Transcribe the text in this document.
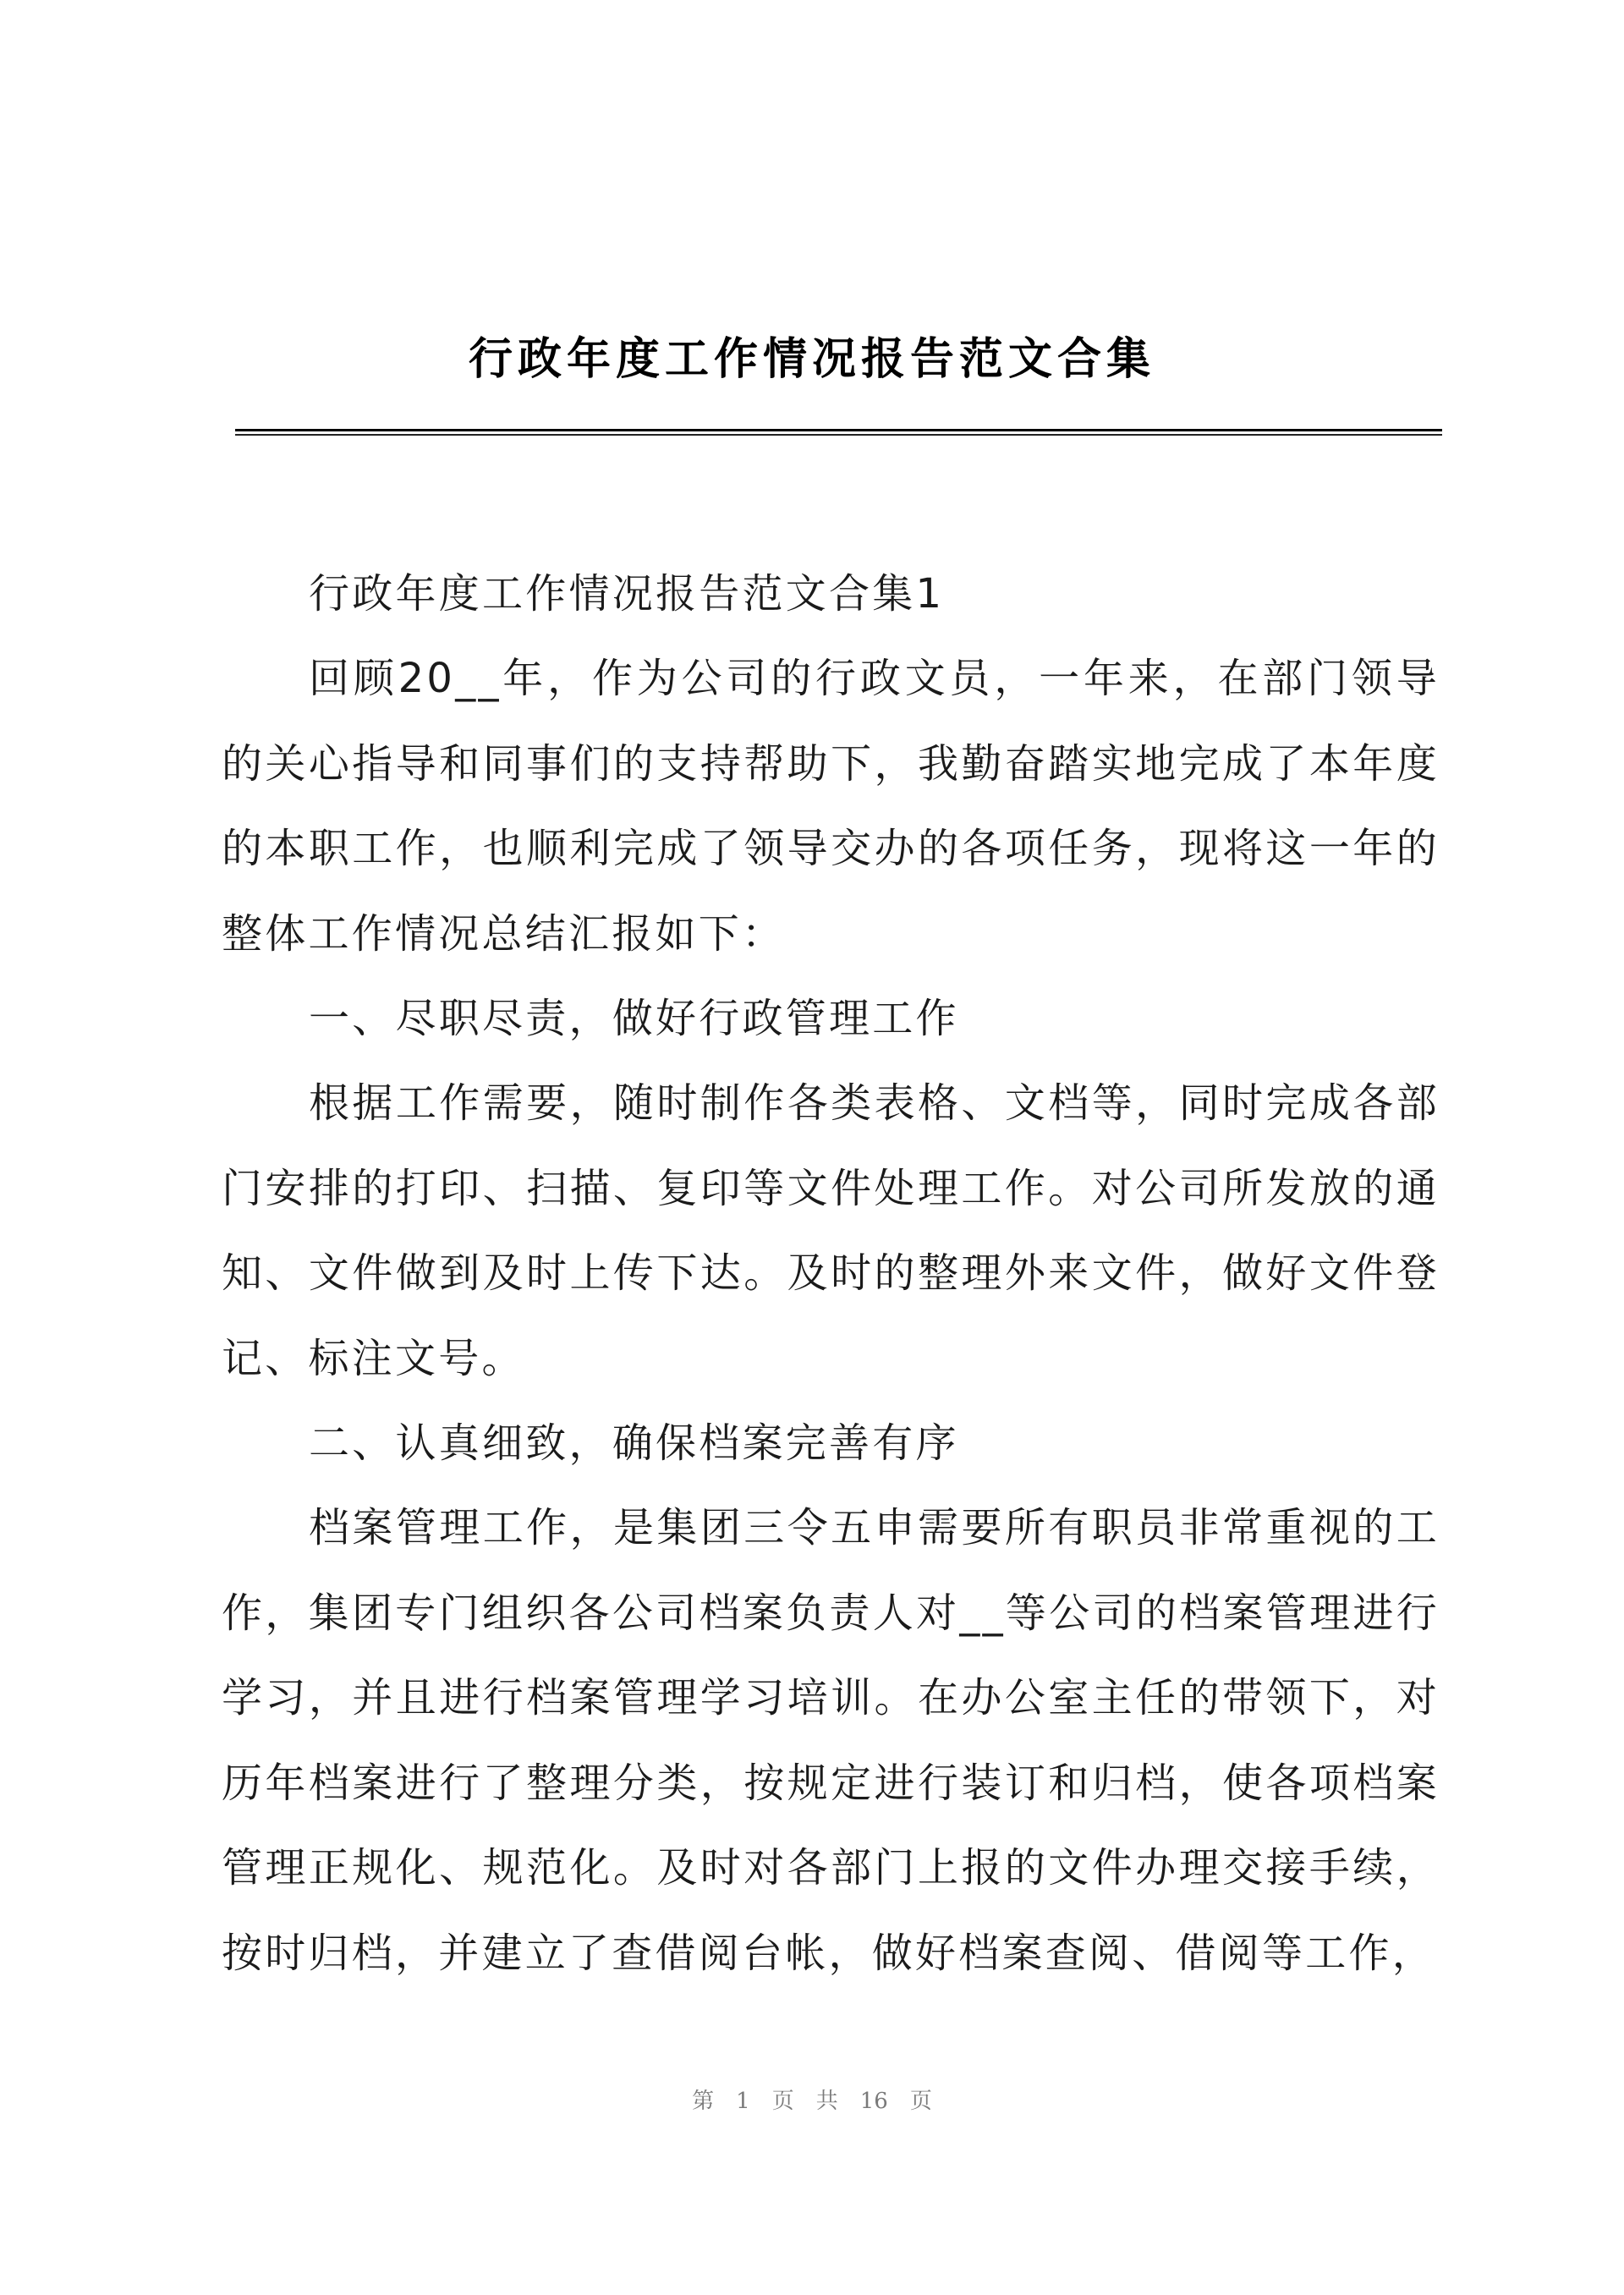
行政年度工作情况报告范文合集

行政年度工作情况报告范文合集1

回顾20__年，作为公司的行政文员，一年来，在部门领导的关心指导和同事们的支持帮助下，我勤奋踏实地完成了本年度的本职工作，也顺利完成了领导交办的各项任务，现将这一年的整体工作情况总结汇报如下：

一、尽职尽责，做好行政管理工作

根据工作需要，随时制作各类表格、文档等，同时完成各部门安排的打印、扫描、复印等文件处理工作。对公司所发放的通知、文件做到及时上传下达。及时的整理外来文件，做好文件登记、标注文号。

二、认真细致，确保档案完善有序

档案管理工作，是集团三令五申需要所有职员非常重视的工作，集团专门组织各公司档案负责人对__等公司的档案管理进行学习，并且进行档案管理学习培训。在办公室主任的带领下，对历年档案进行了整理分类，按规定进行装订和归档，使各项档案管理正规化、规范化。及时对各部门上报的文件办理交接手续，按时归档，并建立了查借阅台帐，做好档案查阅、借阅等工作，

第 1 页 共 16 页
